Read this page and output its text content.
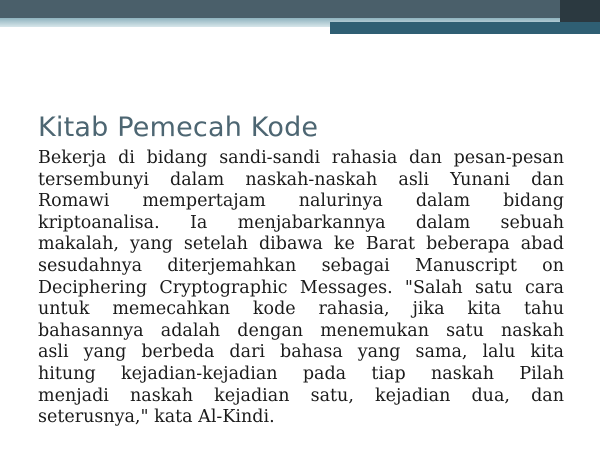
Kitab Pemecah Kode
Bekerja di bidang sandi-sandi rahasia dan pesan-pesan
tersembunyi dalam naskah-naskah asli Yunani dan
Romawi mempertajam nalurinya dalam bidang
kriptoanalisa. Ia menjabarkannya dalam sebuah
makalah, yang setelah dibawa ke Barat beberapa abad
sesudahnya diterjemahkan sebagai Manuscript on
Deciphering Cryptographic Messages. "Salah satu cara
untuk memecahkan kode rahasia, jika kita tahu
bahasannya adalah dengan menemukan satu naskah
asli yang berbeda dari bahasa yang sama, lalu kita
hitung kejadian-kejadian pada tiap naskah Pilah
menjadi naskah kejadian satu, kejadian dua, dan
seterusnya," kata Al-Kindi.
